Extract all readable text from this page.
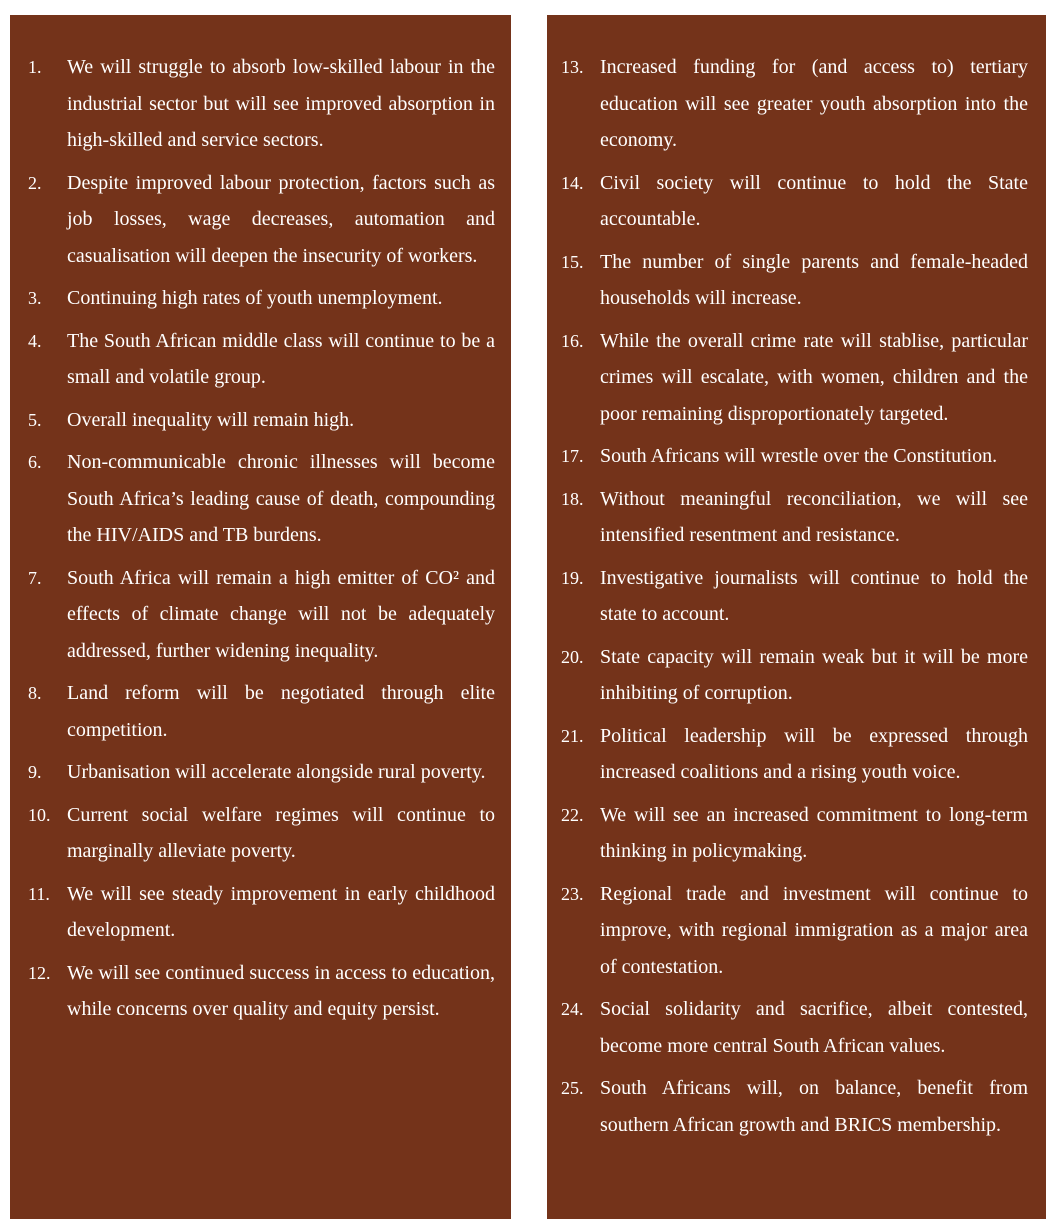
1.	We will struggle to absorb low-skilled labour in the industrial sector but will see improved absorption in high-skilled and service sectors.
2.	Despite improved labour protection, factors such as job losses, wage decreases, automation and casualisation will deepen the insecurity of workers.
3.	Continuing high rates of youth unemployment.
4.	The South African middle class will continue to be a small and volatile group.
5.	Overall inequality will remain high.
6.	Non-communicable chronic illnesses will become South Africa’s leading cause of death, compounding the HIV/AIDS and TB burdens.
7.	South Africa will remain a high emitter of CO² and effects of climate change will not be adequately addressed, further widening inequality.
8.	Land reform will be negotiated through elite competition.
9.	Urbanisation will accelerate alongside rural poverty.
10. Current social welfare regimes will continue to marginally alleviate poverty.
11. We will see steady improvement in early childhood development.
12. We will see continued success in access to education, while concerns over quality and equity persist.
13. Increased funding for (and access to) tertiary education will see greater youth absorption into the economy.
14. Civil society will continue to hold the State accountable.
15. The number of single parents and female-headed households will increase.
16. While the overall crime rate will stablise, particular crimes will escalate, with women, children and the poor remaining disproportionately targeted.
17. South Africans will wrestle over the Constitution.
18. Without meaningful reconciliation, we will see intensified resentment and resistance.
19. Investigative journalists will continue to hold the state to account.
20. State capacity will remain weak but it will be more inhibiting of corruption.
21. Political leadership will be expressed through increased coalitions and a rising youth voice.
22. We will see an increased commitment to long-term thinking in policymaking.
23. Regional trade and investment will continue to improve, with regional immigration as a major area of contestation.
24. Social solidarity and sacrifice, albeit contested, become more central South African values.
25. South Africans will, on balance, benefit from southern African growth and BRICS membership.
